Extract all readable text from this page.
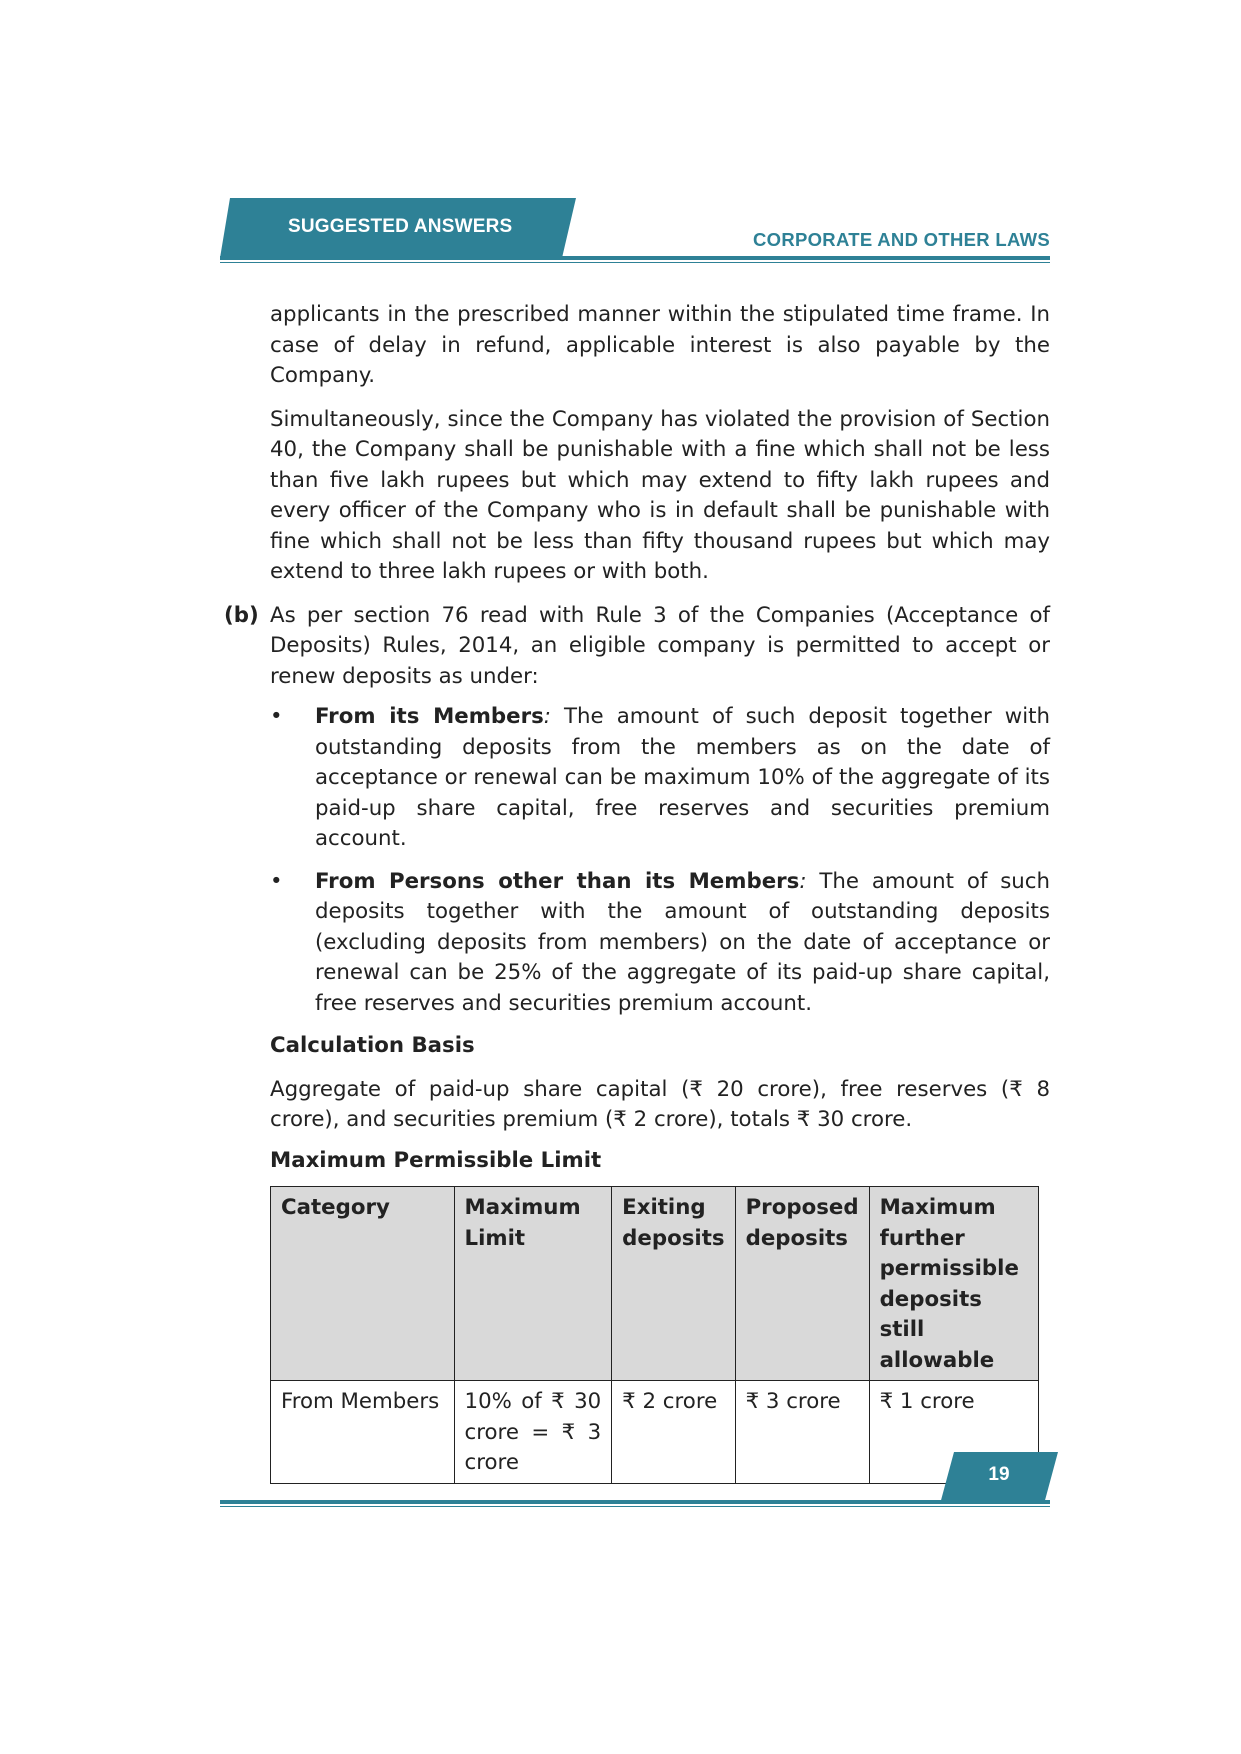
SUGGESTED ANSWERS
CORPORATE AND OTHER LAWS

applicants in the prescribed manner within the stipulated time frame. In case of delay in refund, applicable interest is also payable by the Company.

Simultaneously, since the Company has violated the provision of Section 40, the Company shall be punishable with a fine which shall not be less than five lakh rupees but which may extend to fifty lakh rupees and every officer of the Company who is in default shall be punishable with fine which shall not be less than fifty thousand rupees but which may extend to three lakh rupees or with both.

(b) As per section 76 read with Rule 3 of the Companies (Acceptance of Deposits) Rules, 2014, an eligible company is permitted to accept or renew deposits as under:

• From its Members: The amount of such deposit together with outstanding deposits from the members as on the date of acceptance or renewal can be maximum 10% of the aggregate of its paid-up share capital, free reserves and securities premium account.
• From Persons other than its Members: The amount of such deposits together with the amount of outstanding deposits (excluding deposits from members) on the date of acceptance or renewal can be 25% of the aggregate of its paid-up share capital, free reserves and securities premium account.

Calculation Basis

Aggregate of paid-up share capital (₹ 20 crore), free reserves (₹ 8 crore), and securities premium (₹ 2 crore), totals ₹ 30 crore.

Maximum Permissible Limit

Category	Maximum Limit	Exiting deposits	Proposed deposits	Maximum further permissible deposits still allowable
From Members	10% of ₹ 30 crore = ₹ 3 crore	₹ 2 crore	₹ 3 crore	₹ 1 crore
19
